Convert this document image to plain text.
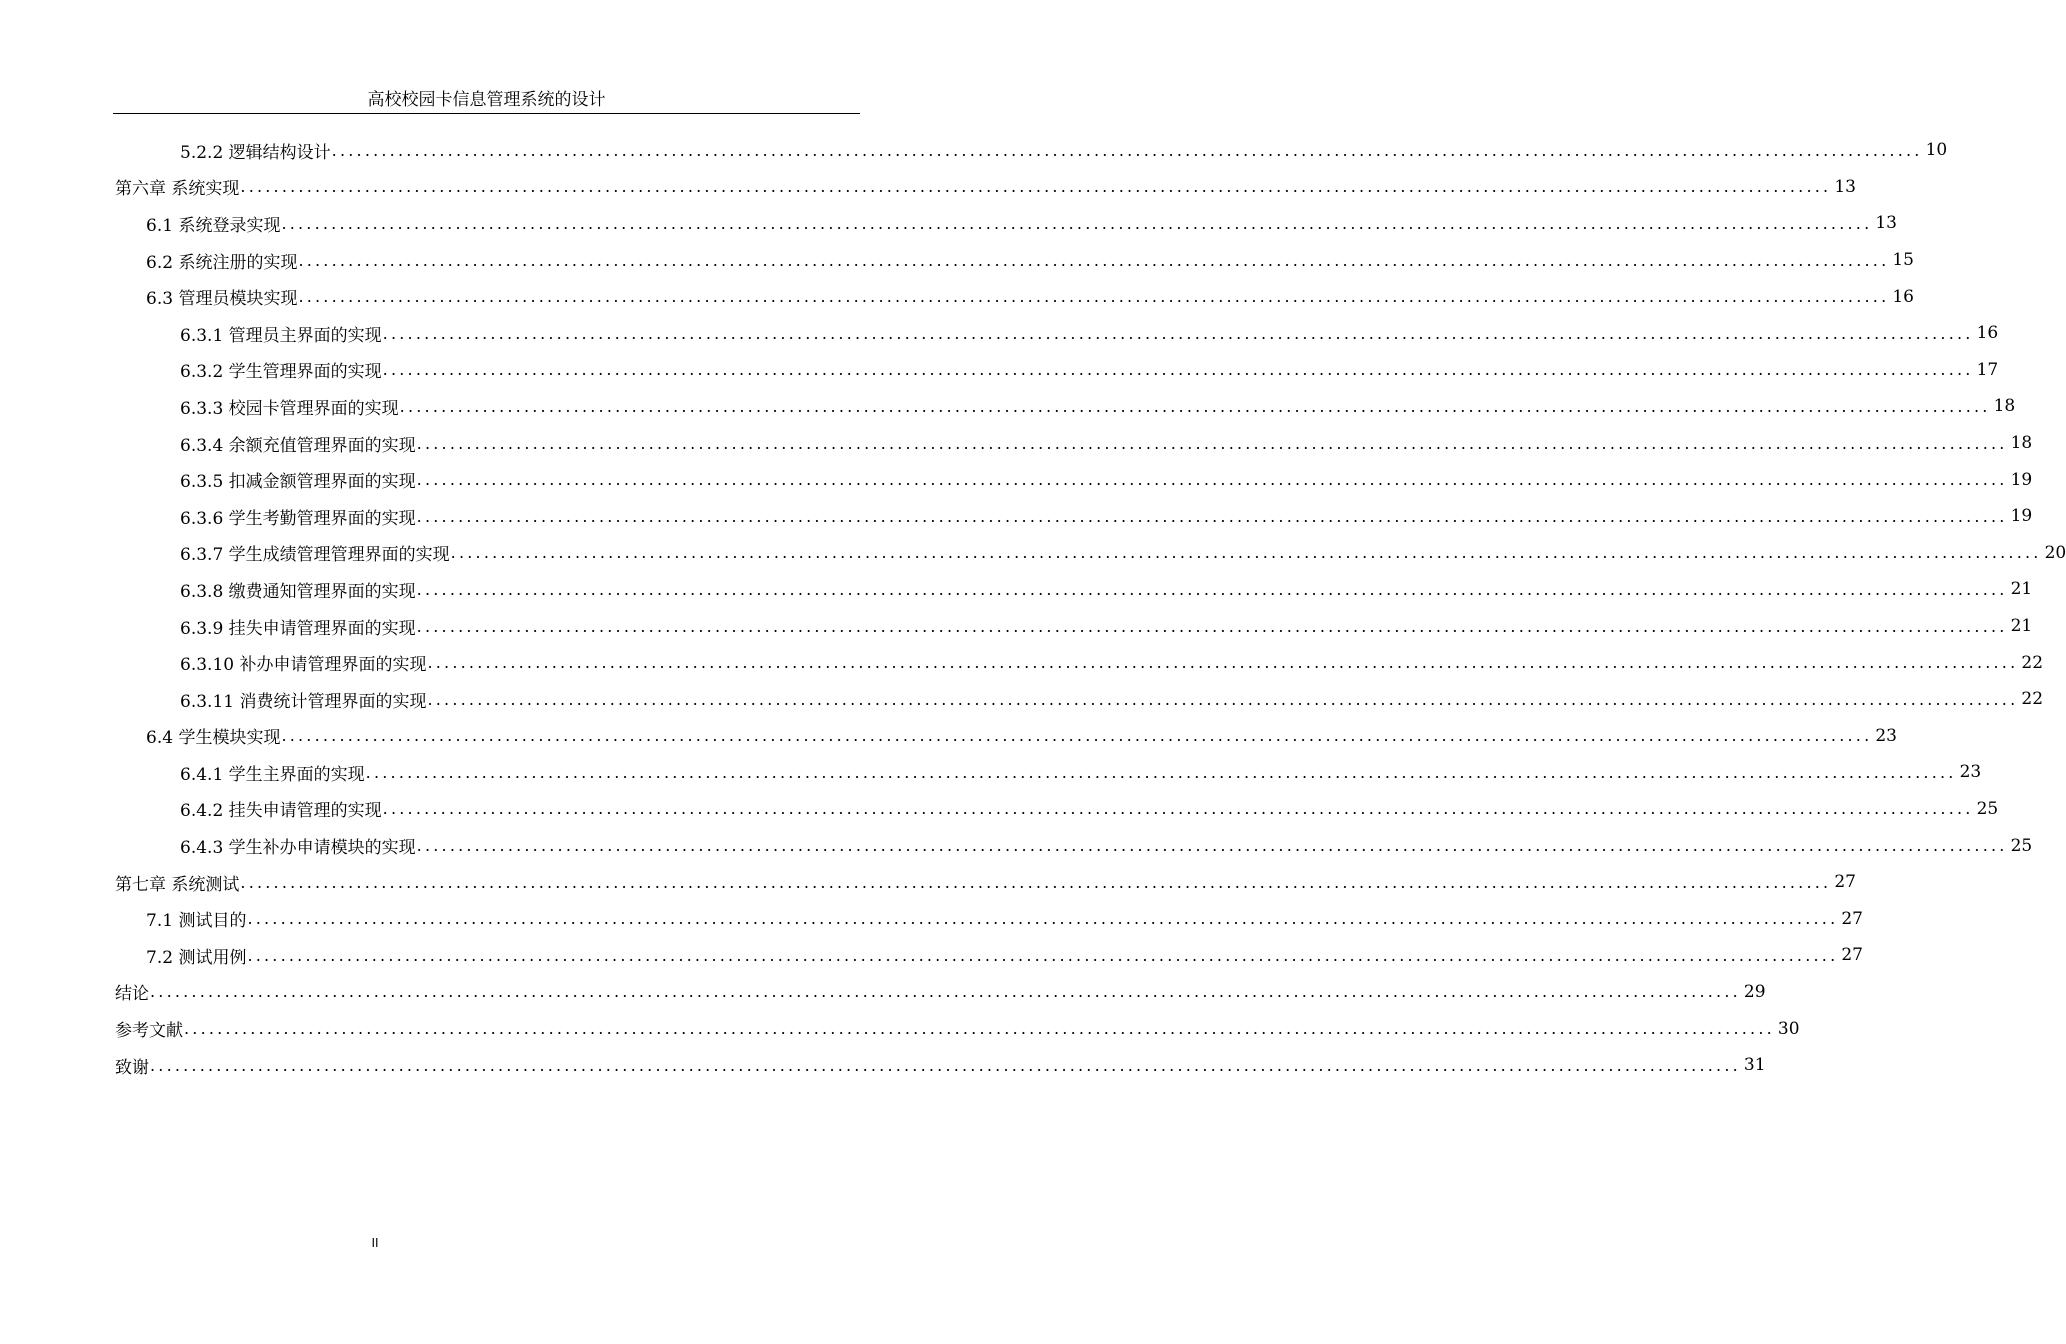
高校校园卡信息管理系统的设计
5.2.2 逻辑结构设计 ................................................................................................................................................................................................ 10
第六章 系统实现 ................................................................................................................................................................................................ 13
6.1 系统登录实现 ................................................................................................................................................................................................ 13
6.2 系统注册的实现 ................................................................................................................................................................................................ 15
6.3 管理员模块实现 ................................................................................................................................................................................................ 16
6.3.1 管理员主界面的实现 ................................................................................................................................................................................................ 16
6.3.2 学生管理界面的实现 ................................................................................................................................................................................................ 17
6.3.3 校园卡管理界面的实现 ................................................................................................................................................................................................ 18
6.3.4 余额充值管理界面的实现 ................................................................................................................................................................................................ 18
6.3.5 扣减金额管理界面的实现 ................................................................................................................................................................................................ 19
6.3.6 学生考勤管理界面的实现 ................................................................................................................................................................................................ 19
6.3.7 学生成绩管理管理界面的实现 ................................................................................................................................................................................................ 20
6.3.8 缴费通知管理界面的实现 ................................................................................................................................................................................................ 21
6.3.9 挂失申请管理界面的实现 ................................................................................................................................................................................................ 21
6.3.10 补办申请管理界面的实现 ................................................................................................................................................................................................ 22
6.3.11 消费统计管理界面的实现 ................................................................................................................................................................................................ 22
6.4 学生模块实现 ................................................................................................................................................................................................ 23
6.4.1 学生主界面的实现 ................................................................................................................................................................................................ 23
6.4.2 挂失申请管理的实现 ................................................................................................................................................................................................ 25
6.4.3 学生补办申请模块的实现 ................................................................................................................................................................................................ 25
第七章 系统测试 ................................................................................................................................................................................................ 27
7.1 测试目的 ................................................................................................................................................................................................ 27
7.2 测试用例 ................................................................................................................................................................................................ 27
结论 ................................................................................................................................................................................................ 29
参考文献 ................................................................................................................................................................................................ 30
致谢 ................................................................................................................................................................................................ 31
II
